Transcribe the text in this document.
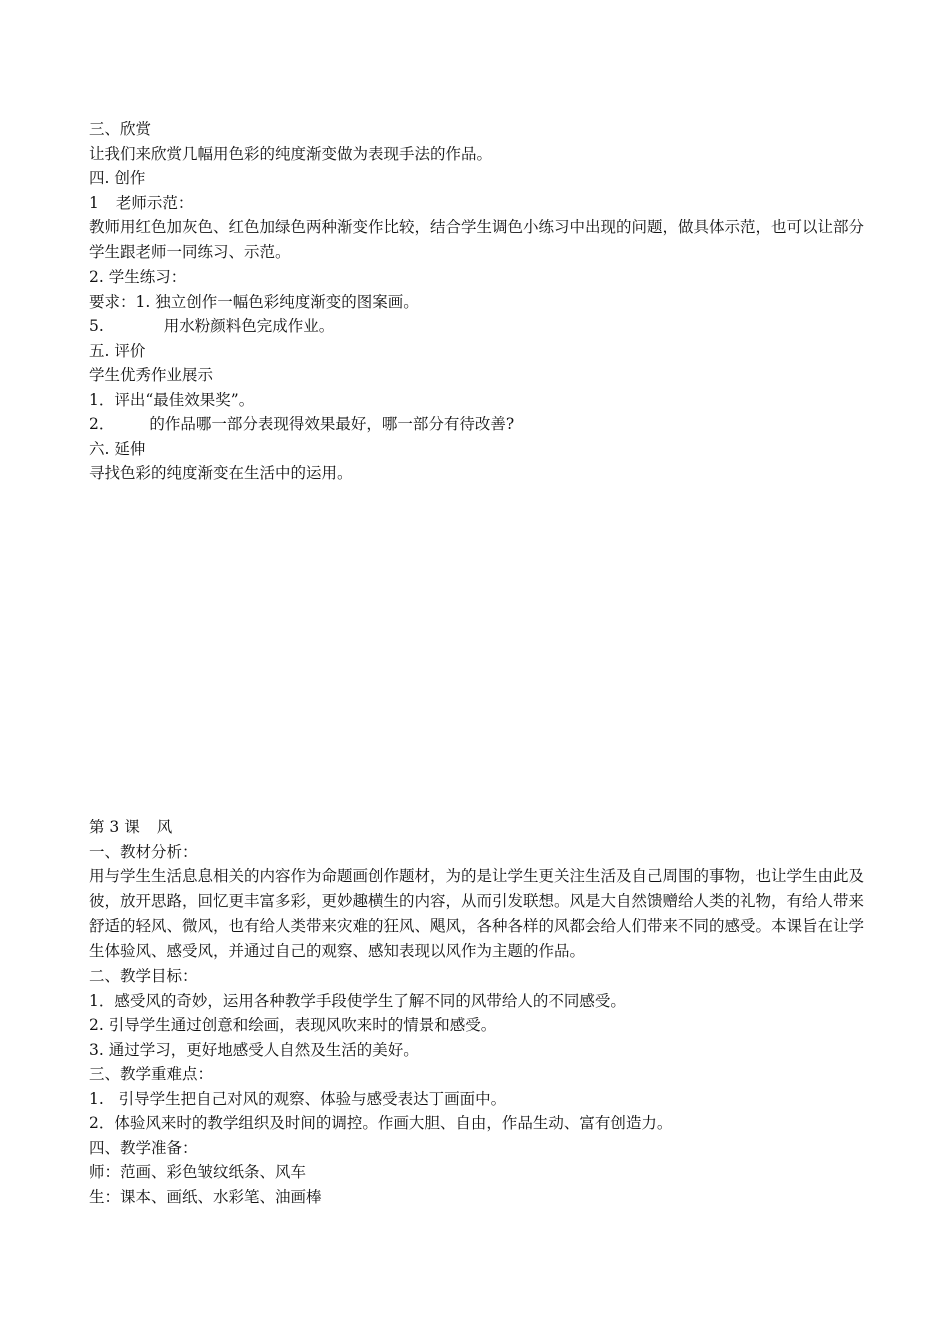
三、欣赏
让我们来欣赏几幅用色彩的纯度渐变做为表现手法的作品。
四. 创作
1 老师示范：
教师用红色加灰色、红色加绿色两种渐变作比较，结合学生调色小练习中出现的问题，做具体示范，也可以让部分学生跟老师一同练习、示范。
2. 学生练习：
要求：1. 独立创作一幅色彩纯度渐变的图案画。
5.	用水粉颜料色完成作业。
五. 评价
学生优秀作业展示
1．评出“最佳效果奖”。
2． 的作品哪一部分表现得效果最好，哪一部分有待改善?
六. 延伸
寻找色彩的纯度渐变在生活中的运用。
第 3 课 风
一、教材分析：
用与学生生活息息相关的内容作为命题画创作题材，为的是让学生更关注生活及自己周围的事物，也让学生由此及彼，放开思路，回忆更丰富多彩，更妙趣横生的内容，从而引发联想。风是大自然馈赠给人类的礼物，有给人带来舒适的轻风、微风，也有给人类带来灾难的狂风、飓风，各种各样的风都会给人们带来不同的感受。本课旨在让学生体验风、感受风，并通过自己的观察、感知表现以风作为主题的作品。
二、教学目标：
1．感受风的奇妙，运用各种教学手段使学生了解不同的风带给人的不同感受。
2. 引导学生通过创意和绘画，表现风吹来时的情景和感受。
3. 通过学习，更好地感受人自然及生活的美好。
三、教学重难点：
1.   引导学生把自己对风的观察、体验与感受表达丁画面中。
2．体验风来时的教学组织及时间的调控。作画大胆、自由，作品生动、富有创造力。
四、教学准备：
师：范画、彩色皱纹纸条、风车
生：课本、画纸、水彩笔、油画棒
